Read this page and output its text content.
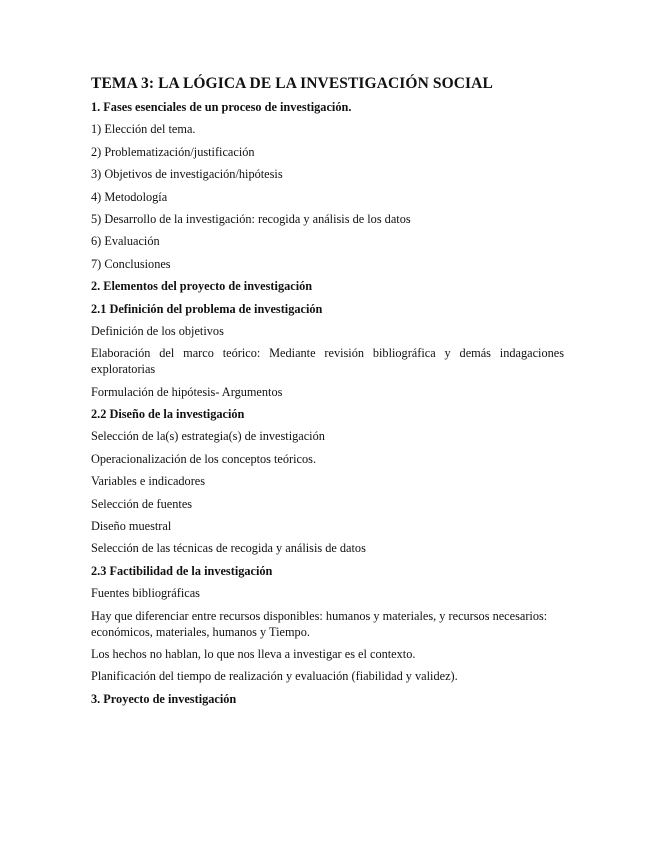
TEMA 3: LA LÓGICA DE LA INVESTIGACIÓN SOCIAL
1. Fases esenciales de un proceso de investigación.
1) Elección del tema.
2) Problematización/justificación
3) Objetivos de investigación/hipótesis
4) Metodología
5) Desarrollo de la investigación: recogida y análisis de los datos
6) Evaluación
7) Conclusiones
2. Elementos del proyecto de investigación
2.1 Definición del problema de investigación
Definición de los objetivos
Elaboración del marco teórico: Mediante revisión bibliográfica y demás indagaciones exploratorias
Formulación de hipótesis- Argumentos
2.2 Diseño de la investigación
Selección de la(s) estrategia(s) de investigación
Operacionalización de los conceptos teóricos.
Variables e indicadores
Selección de fuentes
Diseño muestral
Selección de las técnicas de recogida y análisis de datos
2.3 Factibilidad de la investigación
Fuentes bibliográficas
Hay que diferenciar entre recursos disponibles: humanos y materiales, y recursos necesarios: económicos, materiales, humanos y Tiempo.
Los hechos no hablan, lo que nos lleva a investigar es el contexto.
Planificación del tiempo de realización y evaluación (fiabilidad y validez).
3. Proyecto de investigación
